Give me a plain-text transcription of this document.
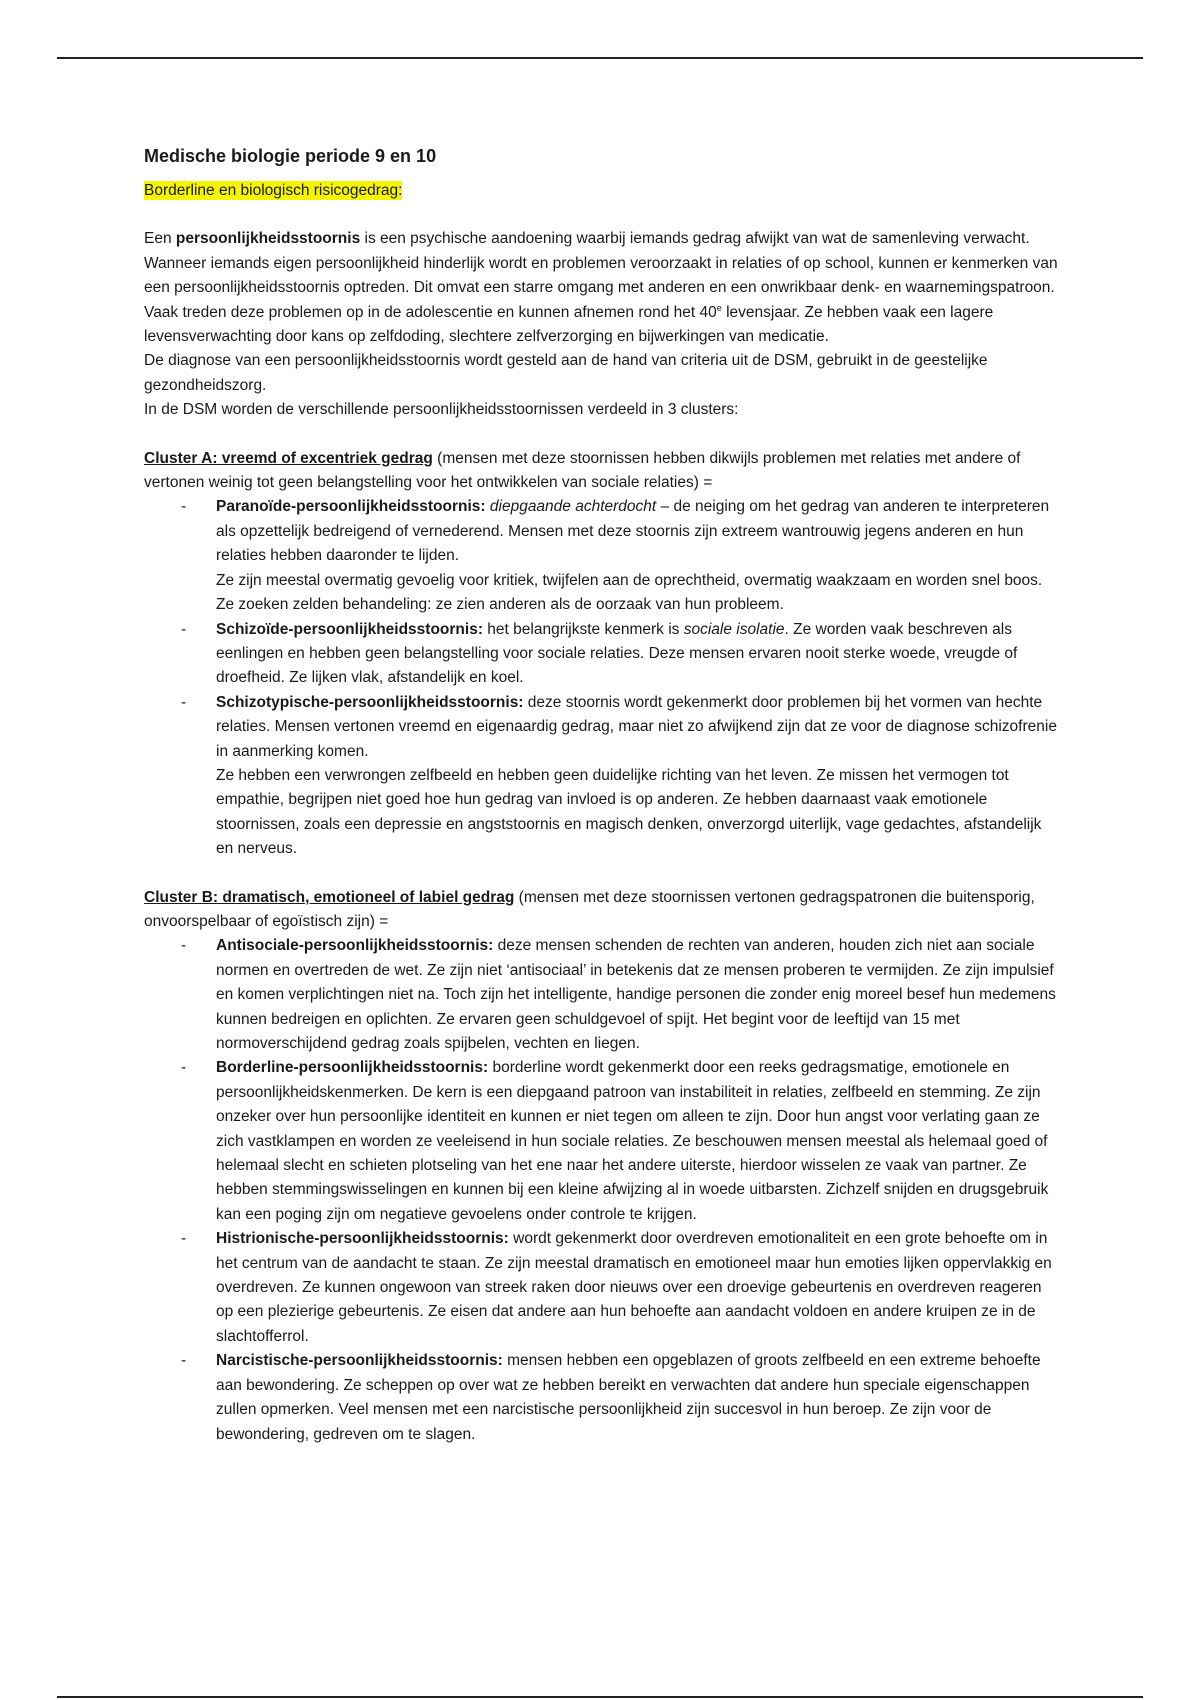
Medische biologie periode 9 en 10

Borderline en biologisch risicogedrag:

Een persoonlijkheidsstoornis is een psychische aandoening waarbij iemands gedrag afwijkt van wat de samenleving verwacht. Wanneer iemands eigen persoonlijkheid hinderlijk wordt en problemen veroorzaakt in relaties of op school, kunnen er kenmerken van een persoonlijkheidsstoornis optreden. Dit omvat een starre omgang met anderen en een onwrikbaar denk- en waarnemingspatroon.

Vaak treden deze problemen op in de adolescentie en kunnen afnemen rond het 40e levensjaar. Ze hebben vaak een lagere levensverwachting door kans op zelfdoding, slechtere zelfverzorging en bijwerkingen van medicatie.

De diagnose van een persoonlijkheidsstoornis wordt gesteld aan de hand van criteria uit de DSM, gebruikt in de geestelijke gezondheidszorg.

In de DSM worden de verschillende persoonlijkheidsstoornissen verdeeld in 3 clusters:

Cluster A: vreemd of excentriek gedrag (mensen met deze stoornissen hebben dikwijls problemen met relaties met andere of vertonen weinig tot geen belangstelling voor het ontwikkelen van sociale relaties) =

- Paranoïde-persoonlijkheidsstoornis: diepgaande achterdocht – de neiging om het gedrag van anderen te interpreteren als opzettelijk bedreigend of vernederend. Mensen met deze stoornis zijn extreem wantrouwig jegens anderen en hun relaties hebben daaronder te lijden.
Ze zijn meestal overmatig gevoelig voor kritiek, twijfelen aan de oprechtheid, overmatig waakzaam en worden snel boos. Ze zoeken zelden behandeling: ze zien anderen als de oorzaak van hun probleem.
- Schizoïde-persoonlijkheidsstoornis: het belangrijkste kenmerk is sociale isolatie. Ze worden vaak beschreven als eenlingen en hebben geen belangstelling voor sociale relaties. Deze mensen ervaren nooit sterke woede, vreugde of droefheid. Ze lijken vlak, afstandelijk en koel.
- Schizotypische-persoonlijkheidsstoornis: deze stoornis wordt gekenmerkt door problemen bij het vormen van hechte relaties. Mensen vertonen vreemd en eigenaardig gedrag, maar niet zo afwijkend zijn dat ze voor de diagnose schizofrenie in aanmerking komen.
Ze hebben een verwrongen zelfbeeld en hebben geen duidelijke richting van het leven. Ze missen het vermogen tot empathie, begrijpen niet goed hoe hun gedrag van invloed is op anderen. Ze hebben daarnaast vaak emotionele stoornissen, zoals een depressie en angststoornis en magisch denken, onverzorgd uiterlijk, vage gedachtes, afstandelijk en nerveus.

Cluster B: dramatisch, emotioneel of labiel gedrag (mensen met deze stoornissen vertonen gedragspatronen die buitensporig, onvoorspelbaar of egoïstisch zijn) =

- Antisociale-persoonlijkheidsstoornis: deze mensen schenden de rechten van anderen, houden zich niet aan sociale normen en overtreden de wet. Ze zijn niet ‘antisociaal’ in betekenis dat ze mensen proberen te vermijden. Ze zijn impulsief en komen verplichtingen niet na. Toch zijn het intelligente, handige personen die zonder enig moreel besef hun medemens kunnen bedreigen en oplichten. Ze ervaren geen schuldgevoel of spijt. Het begint voor de leeftijd van 15 met normoverschijdend gedrag zoals spijbelen, vechten en liegen.
- Borderline-persoonlijkheidsstoornis: borderline wordt gekenmerkt door een reeks gedragsmatige, emotionele en persoonlijkheidskenmerken. De kern is een diepgaand patroon van instabiliteit in relaties, zelfbeeld en stemming. Ze zijn onzeker over hun persoonlijke identiteit en kunnen er niet tegen om alleen te zijn. Door hun angst voor verlating gaan ze zich vastklampen en worden ze veeleisend in hun sociale relaties. Ze beschouwen mensen meestal als helemaal goed of helemaal slecht en schieten plotseling van het ene naar het andere uiterste, hierdoor wisselen ze vaak van partner. Ze hebben stemmingswisselingen en kunnen bij een kleine afwijzing al in woede uitbarsten. Zichzelf snijden en drugsgebruik kan een poging zijn om negatieve gevoelens onder controle te krijgen.
- Histrionische-persoonlijkheidsstoornis: wordt gekenmerkt door overdreven emotionaliteit en een grote behoefte om in het centrum van de aandacht te staan. Ze zijn meestal dramatisch en emotioneel maar hun emoties lijken oppervlakkig en overdreven. Ze kunnen ongewoon van streek raken door nieuws over een droevige gebeurtenis en overdreven reageren op een plezierige gebeurtenis. Ze eisen dat andere aan hun behoefte aan aandacht voldoen en andere kruipen ze in de slachtofferrol.
- Narcistische-persoonlijkheidsstoornis: mensen hebben een opgeblazen of groots zelfbeeld en een extreme behoefte aan bewondering. Ze scheppen op over wat ze hebben bereikt en verwachten dat andere hun speciale eigenschappen zullen opmerken. Veel mensen met een narcistische persoonlijkheid zijn succesvol in hun beroep. Ze zijn voor de bewondering, gedreven om te slagen.
